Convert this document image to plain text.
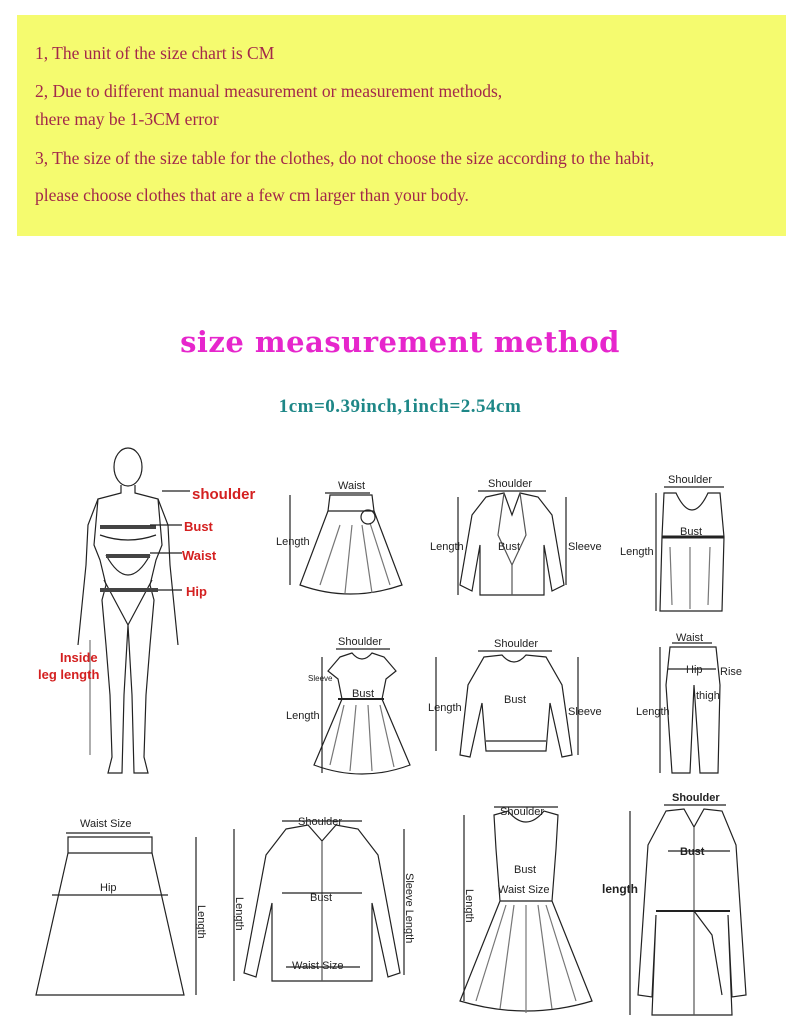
1, The unit of the size chart is CM
2, Due to different manual measurement or measurement methods,
there may be 1-3CM error
3, The size of the size table for the clothes, do not choose the size according to the habit,
please choose clothes that are a few cm larger than your body.
size measurement method
1cm=0.39inch,1inch=2.54cm
shoulder
Bust
Waist
Hip
Inside
leg length
Waist
Length
Shoulder
Length	Bust	Sleeve
Shoulder
Bust
Length
Shoulder
Sleeve
Bust
Length
Shoulder
Bust
Length	Sleeve
Waist
Hip Rise
thigh
Length
Waist Size
Hip
Length
Shoulder
Bust
Length	Sleeve Length
Waist Size
Shoulder
Bust
Waist Size
Length
Shoulder
Bust
length
